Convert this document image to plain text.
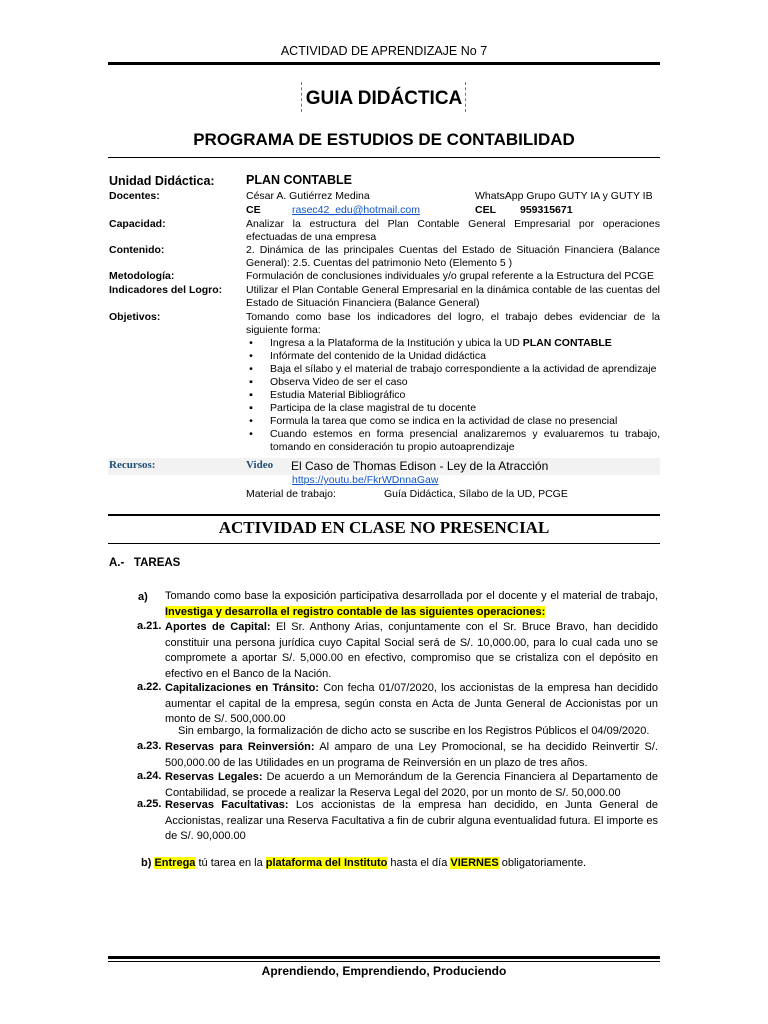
ACTIVIDAD DE APRENDIZAJE No 7
GUIA DIDÁCTICA
PROGRAMA DE ESTUDIOS DE CONTABILIDAD
Unidad Didáctica:	PLAN CONTABLE
Docentes:	César A. Gutiérrez Medina	WhatsApp Grupo GUTY IA y GUTY IB
CE	rasec42_edu@hotmail.com	CEL 959315671
Capacidad:	Analizar la estructura del Plan Contable General Empresarial por operaciones efectuadas de una empresa
Contenido:	2. Dinámica de las principales Cuentas del Estado de Situación Financiera (Balance General): 2.5. Cuentas del patrimonio Neto (Elemento 5 )
Metodología:	Formulación de conclusiones individuales y/o grupal referente a la Estructura del PCGE
Indicadores del Logro: Utilizar el Plan Contable General Empresarial en la dinámica contable de las cuentas del Estado de Situación Financiera (Balance General)
Objetivos:	Tomando como base los indicadores del logro, el trabajo debes evidenciar de la siguiente forma:
•	Ingresa a la Plataforma de la Institución y ubica la UD PLAN CONTABLE
•	Infórmate del contenido de la Unidad didáctica
•	Baja el sílabo y el material de trabajo correspondiente a la actividad de aprendizaje
▪ Observa Video de ser el caso
▪ Estudia Material Bibliográfico
▪ Participa de la clase magistral de tu docente
•	Formula la tarea que como se indica en la actividad de clase no presencial
•	Cuando estemos en forma presencial analizaremos y evaluaremos tu trabajo, tomando en consideración tu propio autoaprendizaje
Recursos:	Video El Caso de Thomas Edison - Ley de la Atracción
https://youtu.be/FkrWDnnaGaw
Material de trabajo:	Guía Didáctica, Sílabo de la UD, PCGE
ACTIVIDAD EN CLASE NO PRESENCIAL
A.-   TAREAS
a) Tomando como base la exposición participativa desarrollada por el docente y el material de trabajo, Investiga y desarrolla el registro contable de las siguientes operaciones:
a.21. Aportes de Capital: El Sr. Anthony Arias, conjuntamente con el Sr. Bruce Bravo, han decidido constituir una persona jurídica cuyo Capital Social será de S/. 10,000.00, para lo cual cada uno se compromete a aportar S/. 5,000.00 en efectivo, compromiso que se cristaliza con el depósito en efectivo en el Banco de la Nación.
a.22. Capitalizaciones en Tránsito: Con fecha 01/07/2020, los accionistas de la empresa han decidido aumentar el capital de la empresa, según consta en Acta de Junta General de Accionistas por un monto de S/. 500,000.00
Sin embargo, la formalización de dicho acto se suscribe en los Registros Públicos el 04/09/2020.
a.23. Reservas para Reinversión: Al amparo de una Ley Promocional, se ha decidido Reinvertir S/. 500,000.00 de las Utilidades en un programa de Reinversión en un plazo de tres años.
a.24. Reservas Legales: De acuerdo a un Memorándum de la Gerencia Financiera al Departamento de Contabilidad, se procede a realizar la Reserva Legal del 2020, por un monto de S/. 50,000.00
a.25. Reservas Facultativas: Los accionistas de la empresa han decidido, en Junta General de Accionistas, realizar una Reserva Facultativa a fin de cubrir alguna eventualidad futura. El importe es de S/. 90,000.00
b) Entrega tú tarea en la plataforma del Instituto hasta el día VIERNES obligatoriamente.
Aprendiendo, Emprendiendo, Produciendo
